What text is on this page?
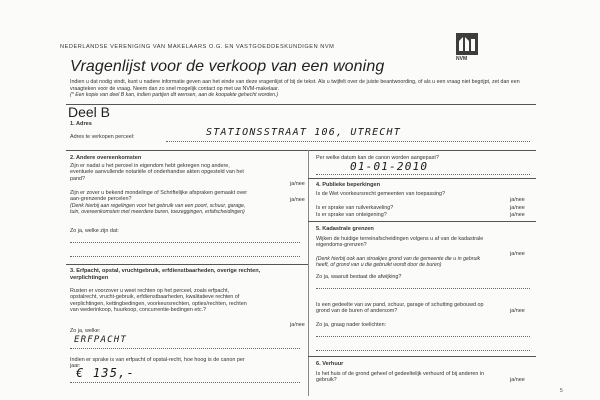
NEDERLANDSE VERENIGING VAN MAKELAARS O.G. EN VASTGOEDDESKUNDIGEN NVM
NVM
Vragenlijst voor de verkoop van een woning
Indien u dat nodig vindt, kunt u nadere informatie geven aan het einde van deze vragenlijst of bij de tekst. Als u twijfelt over de juiste beantwoording, of als u een vraag niet begrijpt, zet dan een vraagteken voor de vraag. Neem dan zo snel mogelijk contact op met uw NVM-makelaar.
(* Een kopie van deel B kan, indien partijen dit wensen, aan de koopakte gehecht worden.)
Deel B
1. Adres
Adres te verkopen perceel:	STATIONSSTRAAT 106, UTRECHT
2. Andere overeenkomsten
Zijn er nadat u het perceel in eigendom hebt gekregen nog andere, eventuele aanvullende notariële of onderhandse akten opgesteld van het pand?
ja/nee
Zijn er zover u bekend mondelinge of Schriftelijke afspraken gemaakt over aan-grenzende percelen?
(Denk hierbij aan regelingen voor het gebruik van een poort, schuur, garage, tuin, overeenkomsten met meerdere buren, toezeggingen, erfafscheidingen)
ja/nee
Zo ja, welke zijn dat:
3. Erfpacht, opstal, vruchtgebruik, erfdienstbaarheden, overige rechten, verplichtingen
Rusten er voorzover u weet rechten op het perceel, zoals erfpacht, opstalrecht, vrucht-gebruik, erfdienstbaarheden, kwalitatieve rechten of verplichtingen, kettingbedingen, voorkeursrechten, opties/rechten, rechten van wederinkoop, huurkoop, concurrentie-bedingen etc.?
ja/nee
Zo ja, welke:
ERFPACHT
Indien er sprake is van erfpacht of opstal-recht, hoe hoog is de canon per jaar:
€ 135,-
Per welke datum kan de canon worden aangepast?
01-01-2010
4. Publieke beperkingen
Is de Wet voorkeursrecht gemeenten van toepassing?
ja/nee
Is er sprake van ruilverkaveling?	ja/nee
Is er sprake van onteigening?	ja/nee
5. Kadastrale grenzen
Wijken de huidige terreinafscheidingen volgens u af van de kadastrale eigendoms-grenzen?
(Denk hierbij ook aan stroakjes grond van de gemeente die u in gebruik heeft, of grond van u die gebruikt wordt door de buren)
ja/nee
Zo ja, waaruit bestaat die afwijking?
Is een gedeelte van uw pand, schuur, garage of schutting gebouwd op grond van de buren of andersom?	ja/nee
Zo ja, graag nader toelichten:
6. Verhuur
Is het huis of de grond geheel of gedeeltelijk verhuurd of bij anderen in gebruik?	ja/nee
5
